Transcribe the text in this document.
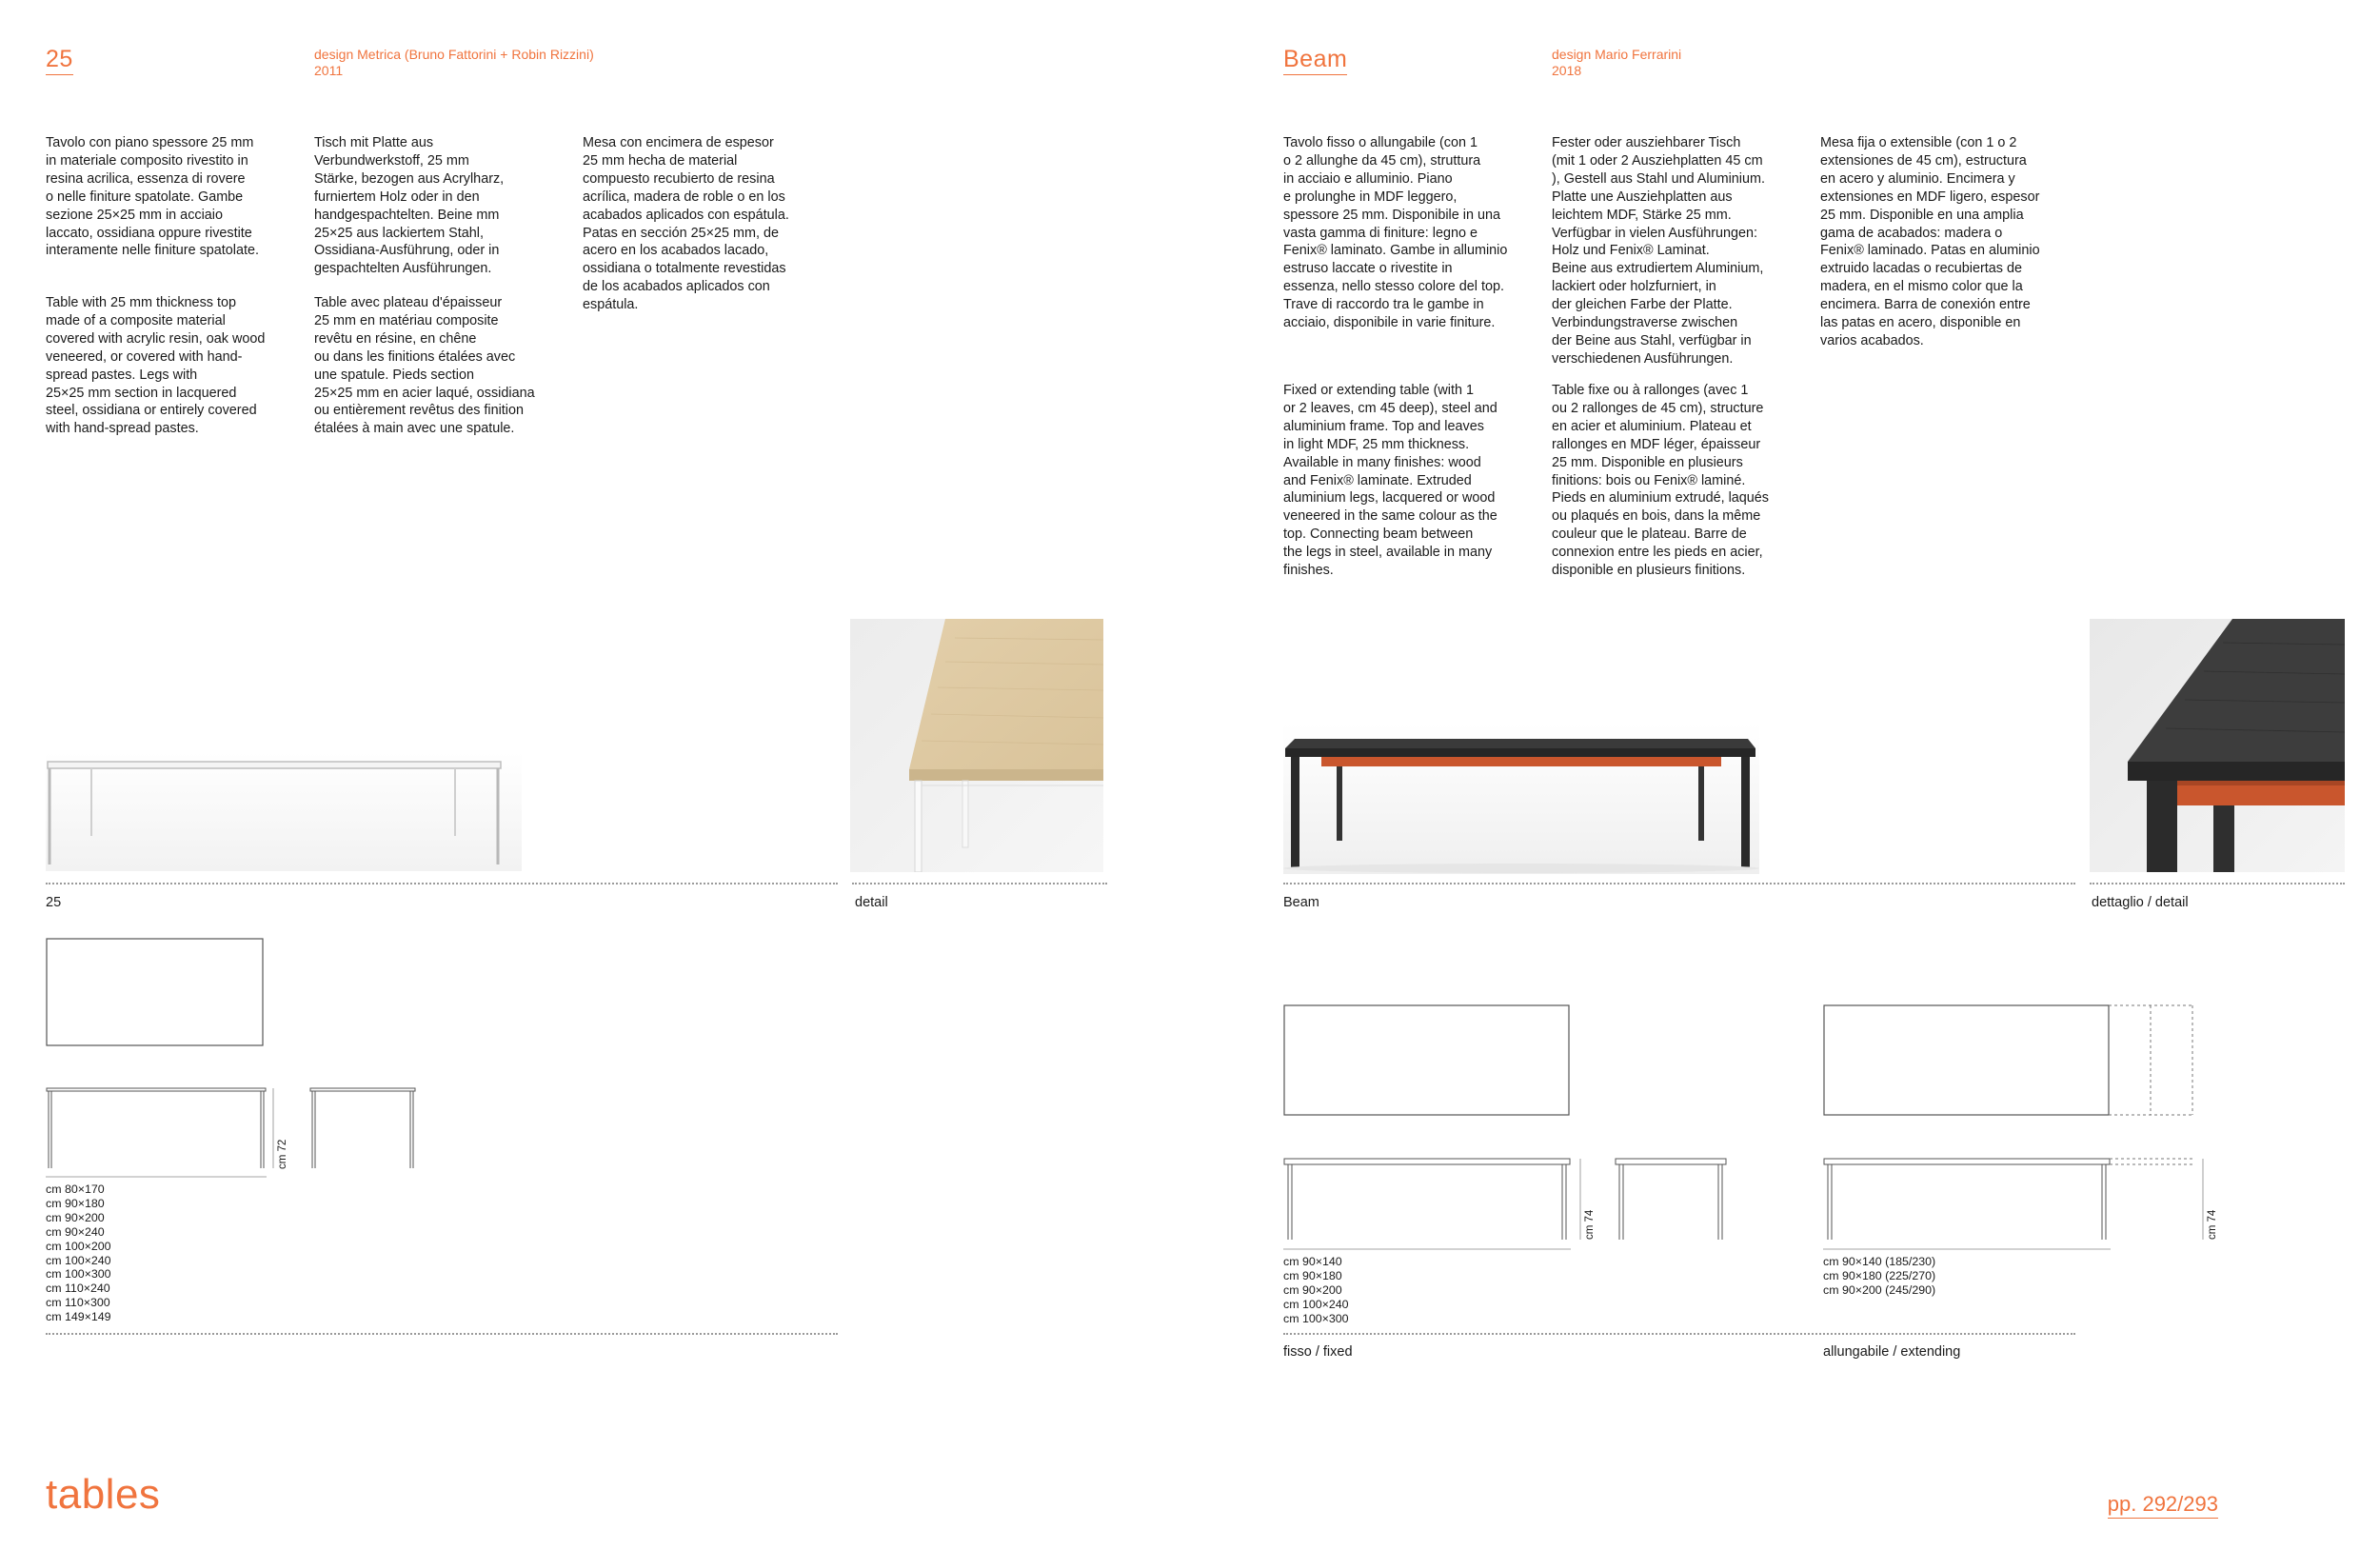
25	design Metrica (Bruno Fattorini + Robin Rizzini)
2011
Tavolo con piano spessore 25 mm
in materiale composito rivestito in
resina acrilica, essenza di rovere
o nelle finiture spatolate. Gambe
sezione 25×25 mm in acciaio
laccato, ossidiana oppure rivestite
interamente nelle finiture spatolate.
Table with 25 mm thickness top
made of a composite material
covered with acrylic resin, oak wood
veneered, or covered with hand-
spread pastes. Legs with
25×25 mm section in lacquered
steel, ossidiana or entirely covered
with hand-spread pastes.
Tisch mit Platte aus
Verbundwerkstoff, 25 mm
Stärke, bezogen aus Acrylharz,
furniertem Holz oder in den
handgespachtelten. Beine mm
25×25 aus lackiertem Stahl,
Ossidiana-Ausführung, oder in
gespachtelten Ausführungen.
Table avec plateau d'épaisseur
25 mm en matériau composite
revêtu en résine, en chêne
ou dans les finitions étalées avec
une spatule. Pieds section
25×25 mm en acier laqué, ossidiana
ou entièrement revêtus des finition
étalées à main avec une spatule.
Mesa con encimera de espesor
25 mm hecha de material
compuesto recubierto de resina
acrílica, madera de roble o en los
acabados aplicados con espátula.
Patas en sección 25×25 mm, de
acero en los acabados lacado,
ossidiana o totalmente revestidas
de los acabados aplicados con
espátula.
25	detail
cm 72
cm 80×170
cm 90×180
cm 90×200
cm 90×240
cm 100×200
cm 100×240
cm 100×300
cm 110×240
cm 110×300
cm 149×149
tables
Beam	design Mario Ferrarini
2018
Tavolo fisso o allungabile (con 1
o 2 allunghe da 45 cm), struttura
in acciaio e alluminio. Piano
e prolunghe in MDF leggero,
spessore 25 mm. Disponibile in una
vasta gamma di finiture: legno e
Fenix® laminato. Gambe in alluminio
estruso laccate o rivestite in
essenza, nello stesso colore del top.
Trave di raccordo tra le gambe in
acciaio, disponibile in varie finiture.
Fixed or extending table (with 1
or 2 leaves, cm 45 deep), steel and
aluminium frame. Top and leaves
in light MDF, 25 mm thickness.
Available in many finishes: wood
and Fenix® laminate. Extruded
aluminium legs, lacquered or wood
veneered in the same colour as the
top. Connecting beam between
the legs in steel, available in many
finishes.
Fester oder ausziehbarer Tisch
(mit 1 oder 2 Ausziehplatten 45 cm
), Gestell aus Stahl und Aluminium.
Platte une Ausziehplatten aus
leichtem MDF, Stärke 25 mm.
Verfügbar in vielen Ausführungen:
Holz und Fenix® Laminat.
Beine aus extrudiertem Aluminium,
lackiert oder holzfurniert, in
der gleichen Farbe der Platte.
Verbindungstraverse zwischen
der Beine aus Stahl, verfügbar in
verschiedenen Ausführungen.
Table fixe ou à rallonges (avec 1
ou 2 rallonges de 45 cm), structure
en acier et aluminium. Plateau et
rallonges en MDF léger, épaisseur
25 mm. Disponible en plusieurs
finitions: bois ou Fenix® laminé.
Pieds en aluminium extrudé, laqués
ou plaqués en bois, dans la même
couleur que le plateau. Barre de
connexion entre les pieds en acier,
disponible en plusieurs finitions.
Mesa fija o extensible (con 1 o 2
extensiones de 45 cm), estructura
en acero y aluminio. Encimera y
extensiones en MDF ligero, espesor
25 mm. Disponible en una amplia
gama de acabados: madera o
Fenix® laminado. Patas en aluminio
extruido lacadas o recubiertas de
madera, en el mismo color que la
encimera. Barra de conexión entre
las patas en acero, disponible en
varios acabados.
Beam	dettaglio / detail
cm 74
cm 90×140
cm 90×180
cm 90×200
cm 100×240
cm 100×300
cm 74
cm 90×140 (185/230)
cm 90×180 (225/270)
cm 90×200 (245/290)
fisso / fixed	allungabile / extending
pp. 292/293
